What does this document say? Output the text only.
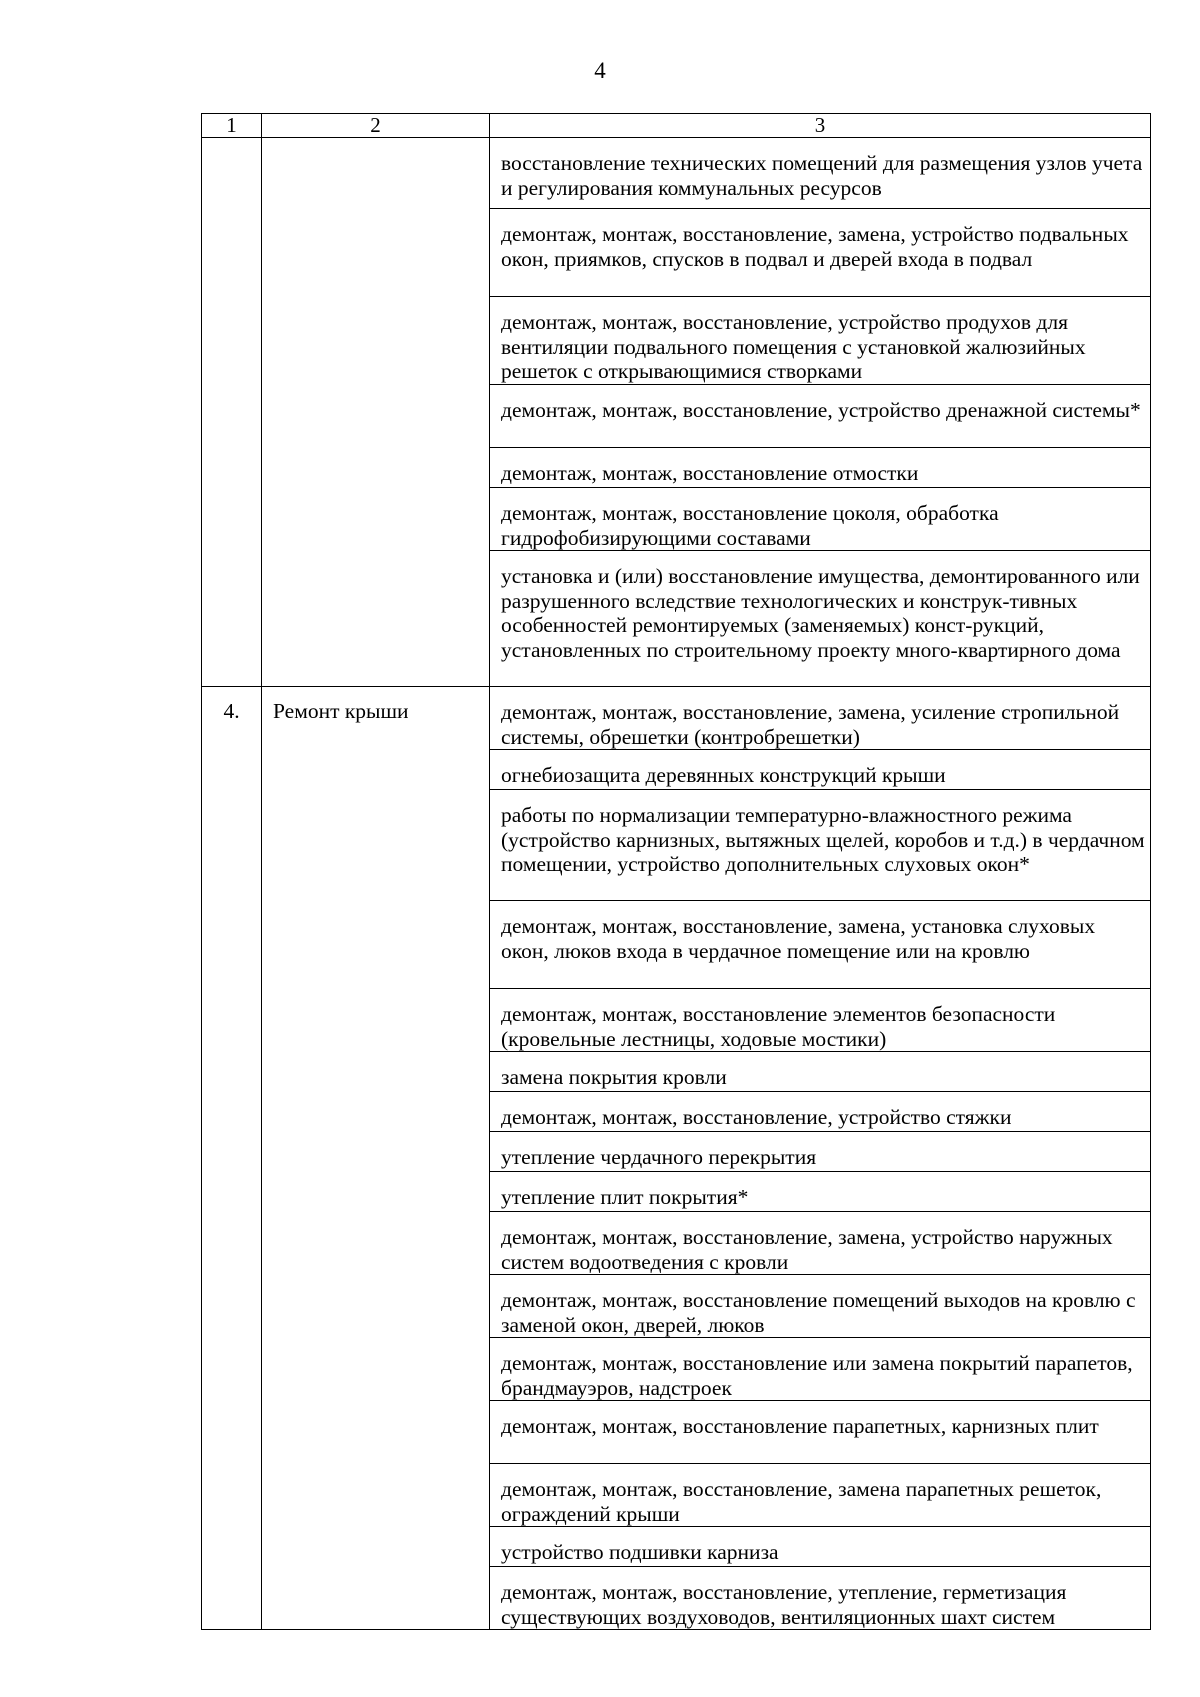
4
1	2	3
		восстановление технических помещений для размещения узлов учета и регулирования коммунальных ресурсов
		демонтаж, монтаж, восстановление, замена, устройство подвальных окон, приямков, спусков в подвал и дверей входа в подвал
		демонтаж, монтаж, восстановление, устройство продухов для вентиляции подвального помещения с установкой жалюзийных решеток с открывающимися створками
		демонтаж, монтаж, восстановление, устройство дренажной системы*
		демонтаж, монтаж, восстановление отмостки
		демонтаж, монтаж, восстановление цоколя, обработка гидрофобизирующими составами
		установка и (или) восстановление имущества, демонтированного или разрушенного вследствие технологических и конструк-тивных особенностей ремонтируемых (заменяемых) конст-рукций, установленных по строительному проекту много-квартирного дома
4.	Ремонт крыши	демонтаж, монтаж, восстановление, замена, усиление стропильной системы, обрешетки (контробрешетки)
		огнебиозащита деревянных конструкций крыши
		работы по нормализации температурно-влажностного режима (устройство карнизных, вытяжных щелей, коробов и т.д.) в чердачном помещении, устройство дополнительных слуховых окон*
		демонтаж, монтаж, восстановление, замена, установка слуховых окон, люков входа в чердачное помещение или на кровлю
		демонтаж, монтаж, восстановление элементов безопасности (кровельные лестницы, ходовые мостики)
		замена покрытия кровли
		демонтаж, монтаж, восстановление, устройство стяжки
		утепление чердачного перекрытия
		утепление плит покрытия*
		демонтаж, монтаж, восстановление, замена, устройство наружных систем водоотведения с кровли
		демонтаж, монтаж, восстановление помещений выходов на кровлю с заменой окон, дверей, люков
		демонтаж, монтаж, восстановление или замена покрытий парапетов, брандмауэров, надстроек
		демонтаж, монтаж, восстановление парапетных, карнизных плит
		демонтаж, монтаж, восстановление, замена парапетных решеток, ограждений крыши
		устройство подшивки карниза
		демонтаж, монтаж, восстановление, утепление, герметизация существующих воздуховодов, вентиляционных шахт систем
